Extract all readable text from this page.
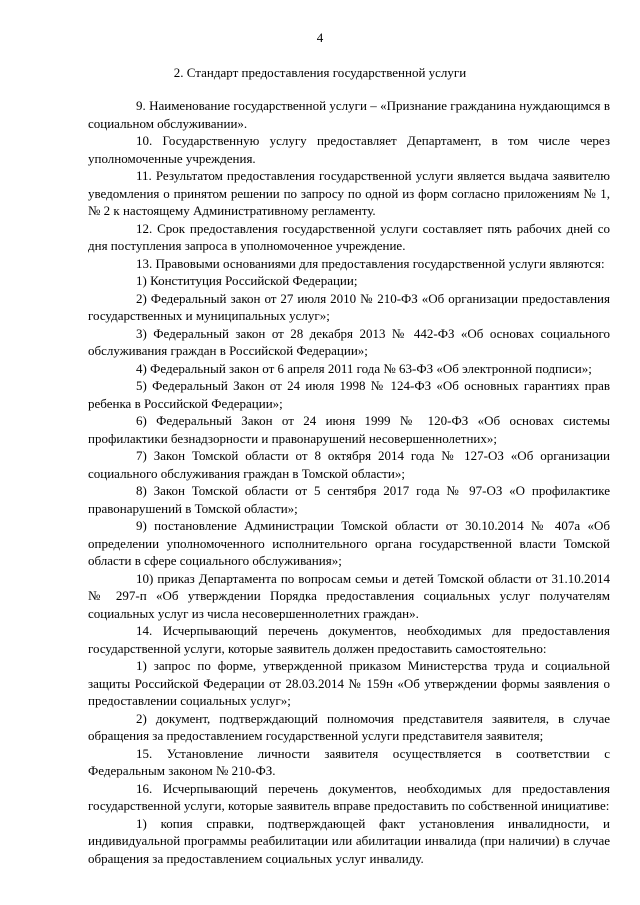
4
2. Стандарт предоставления государственной услуги

9. Наименование государственной услуги – «Признание гражданина нуждающимся в социальном обслуживании».

10. Государственную услугу предоставляет Департамент, в том числе через уполномоченные учреждения.

11. Результатом предоставления государственной услуги является выдача заявителю уведомления о принятом решении по запросу по одной из форм согласно приложениям № 1, № 2 к настоящему Административному регламенту.

12. Срок предоставления государственной услуги составляет пять рабочих дней со дня поступления запроса в уполномоченное учреждение.

13. Правовыми основаниями для предоставления государственной услуги являются:

1) Конституция Российской Федерации;

2) Федеральный закон от 27 июля 2010 № 210-ФЗ «Об организации предоставления государственных и муниципальных услуг»;

3) Федеральный закон от 28 декабря 2013 № 442-ФЗ «Об основах социального обслуживания граждан в Российской Федерации»;

4) Федеральный закон от 6 апреля 2011 года № 63-ФЗ «Об электронной подписи»;

5) Федеральный Закон от 24 июля 1998 № 124-ФЗ «Об основных гарантиях прав ребенка в Российской Федерации»;

6) Федеральный Закон от 24 июня 1999 № 120-ФЗ «Об основах системы профилактики безнадзорности и правонарушений несовершеннолетних»;

7) Закон Томской области от 8 октября 2014 года № 127-ОЗ «Об организации социального обслуживания граждан в Томской области»;

8) Закон Томской области от 5 сентября 2017 года № 97-ОЗ «О профилактике правонарушений в Томской области»;

9) постановление Администрации Томской области от 30.10.2014 № 407а «Об определении уполномоченного исполнительного органа государственной власти Томской области в сфере социального обслуживания»;

10) приказ Департамента по вопросам семьи и детей Томской области от 31.10.2014 № 297-п «Об утверждении Порядка предоставления социальных услуг получателям социальных услуг из числа несовершеннолетних граждан».

14. Исчерпывающий перечень документов, необходимых для предоставления государственной услуги, которые заявитель должен предоставить самостоятельно:

1) запрос по форме, утвержденной приказом Министерства труда и социальной защиты Российской Федерации от 28.03.2014 № 159н «Об утверждении формы заявления о предоставлении социальных услуг»;

2) документ, подтверждающий полномочия представителя заявителя, в случае обращения за предоставлением государственной услуги представителя заявителя;

15. Установление личности заявителя осуществляется в соответствии с Федеральным законом № 210-ФЗ.

16. Исчерпывающий перечень документов, необходимых для предоставления государственной услуги, которые заявитель вправе предоставить по собственной инициативе:

1) копия справки, подтверждающей факт установления инвалидности, и индивидуальной программы реабилитации или абилитации инвалида (при наличии) в случае обращения за предоставлением социальных услуг инвалиду.
